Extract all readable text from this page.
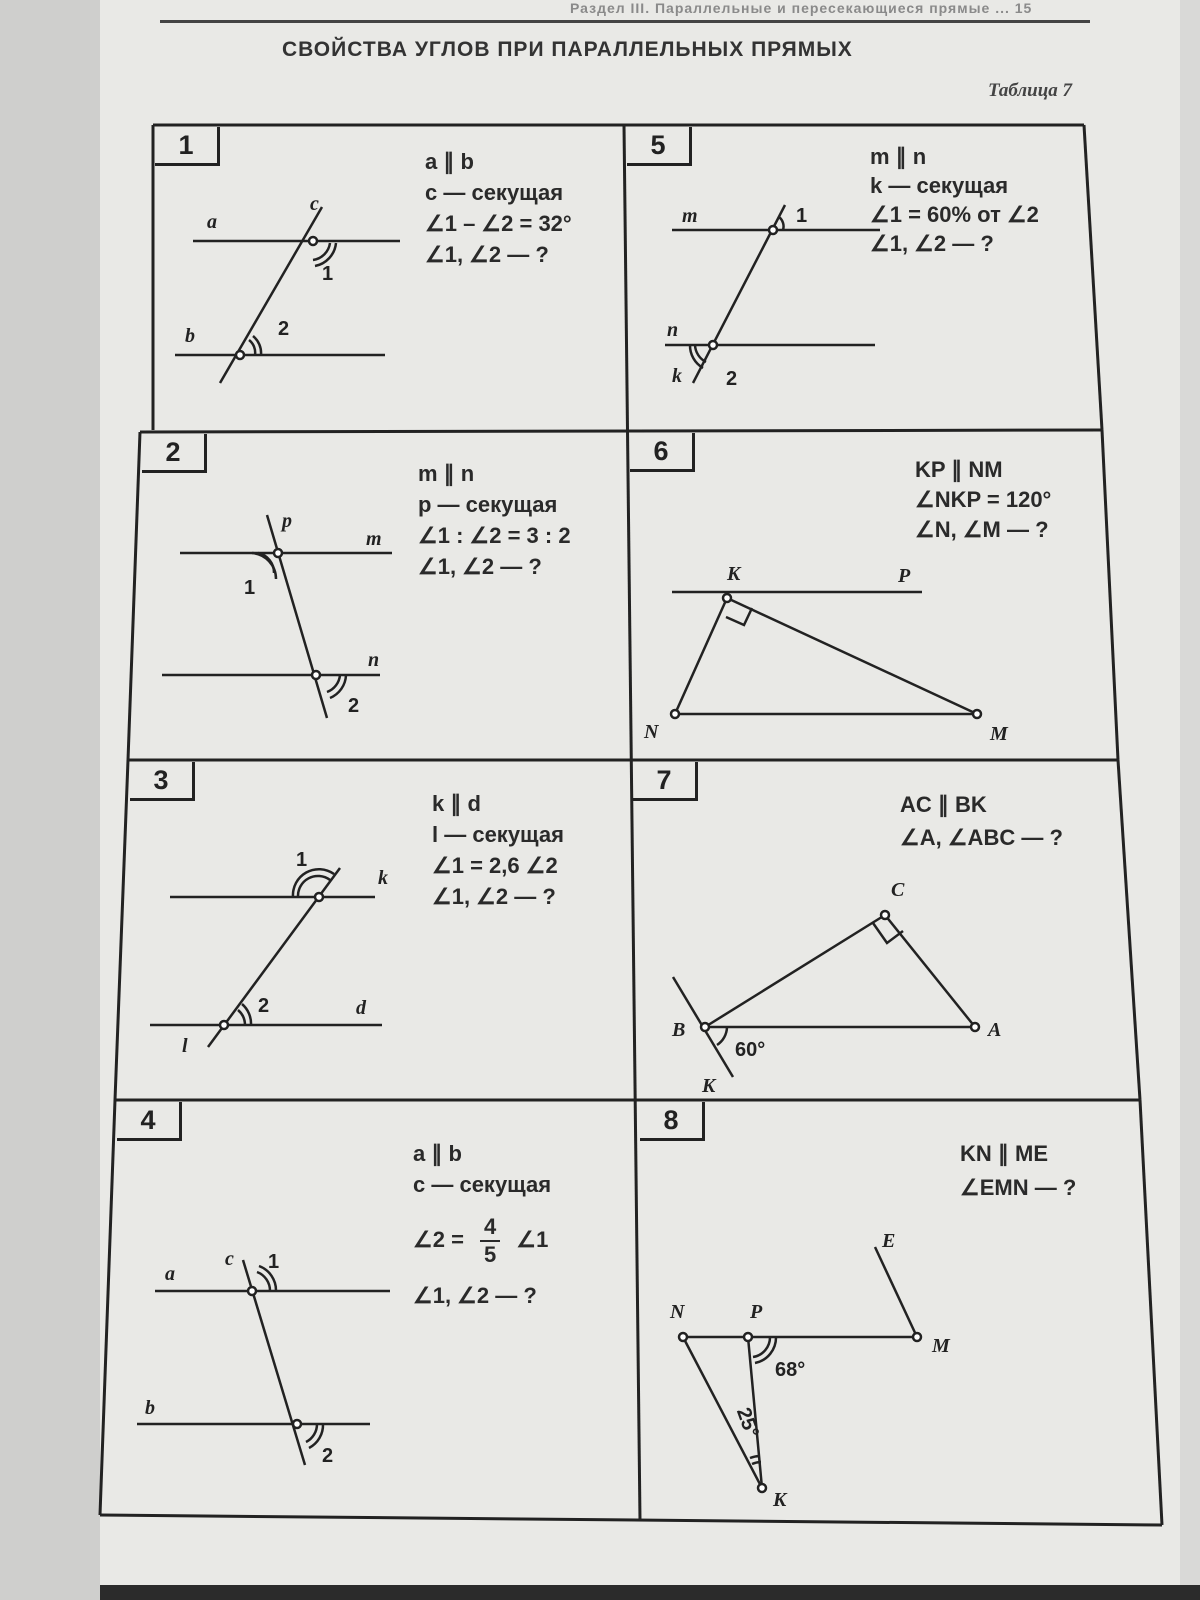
Раздел III. Параллельные и пересекающиеся прямые ... 15
СВОЙСТВА УГЛОВ ПРИ ПАРАЛЛЕЛЬНЫХ ПРЯМЫХ
Таблица 7
a
b
c
1
2
p
m
n
1
2
k
d
l
1
2
a
b
c 1
2
m
n
k
1
2
K	P
N	M
C
B	A
K
60°
E
N	P
M
K
68°
25°
1
2
3
4
5
6
7
8
a ∥ b
c — секущая
∠1 – ∠2 = 32°
∠1, ∠2 — ?
m ∥ n
p — секущая
∠1 : ∠2 = 3 : 2
∠1, ∠2 — ?
k ∥ d
l — секущая
∠1 = 2,6 ∠2
∠1, ∠2 — ?
a ∥ b
c — секущая
∠2 = $\frac{4}{5}$ ∠1
∠1, ∠2 — ?
m ∥ n
k — секущая
∠1 = 60% от ∠2
∠1, ∠2 — ?
KP ∥ NM
∠NKP = 120°
∠N, ∠M — ?
AC ∥ BK
∠A, ∠ABC — ?
KN ∥ ME
∠EMN — ?
